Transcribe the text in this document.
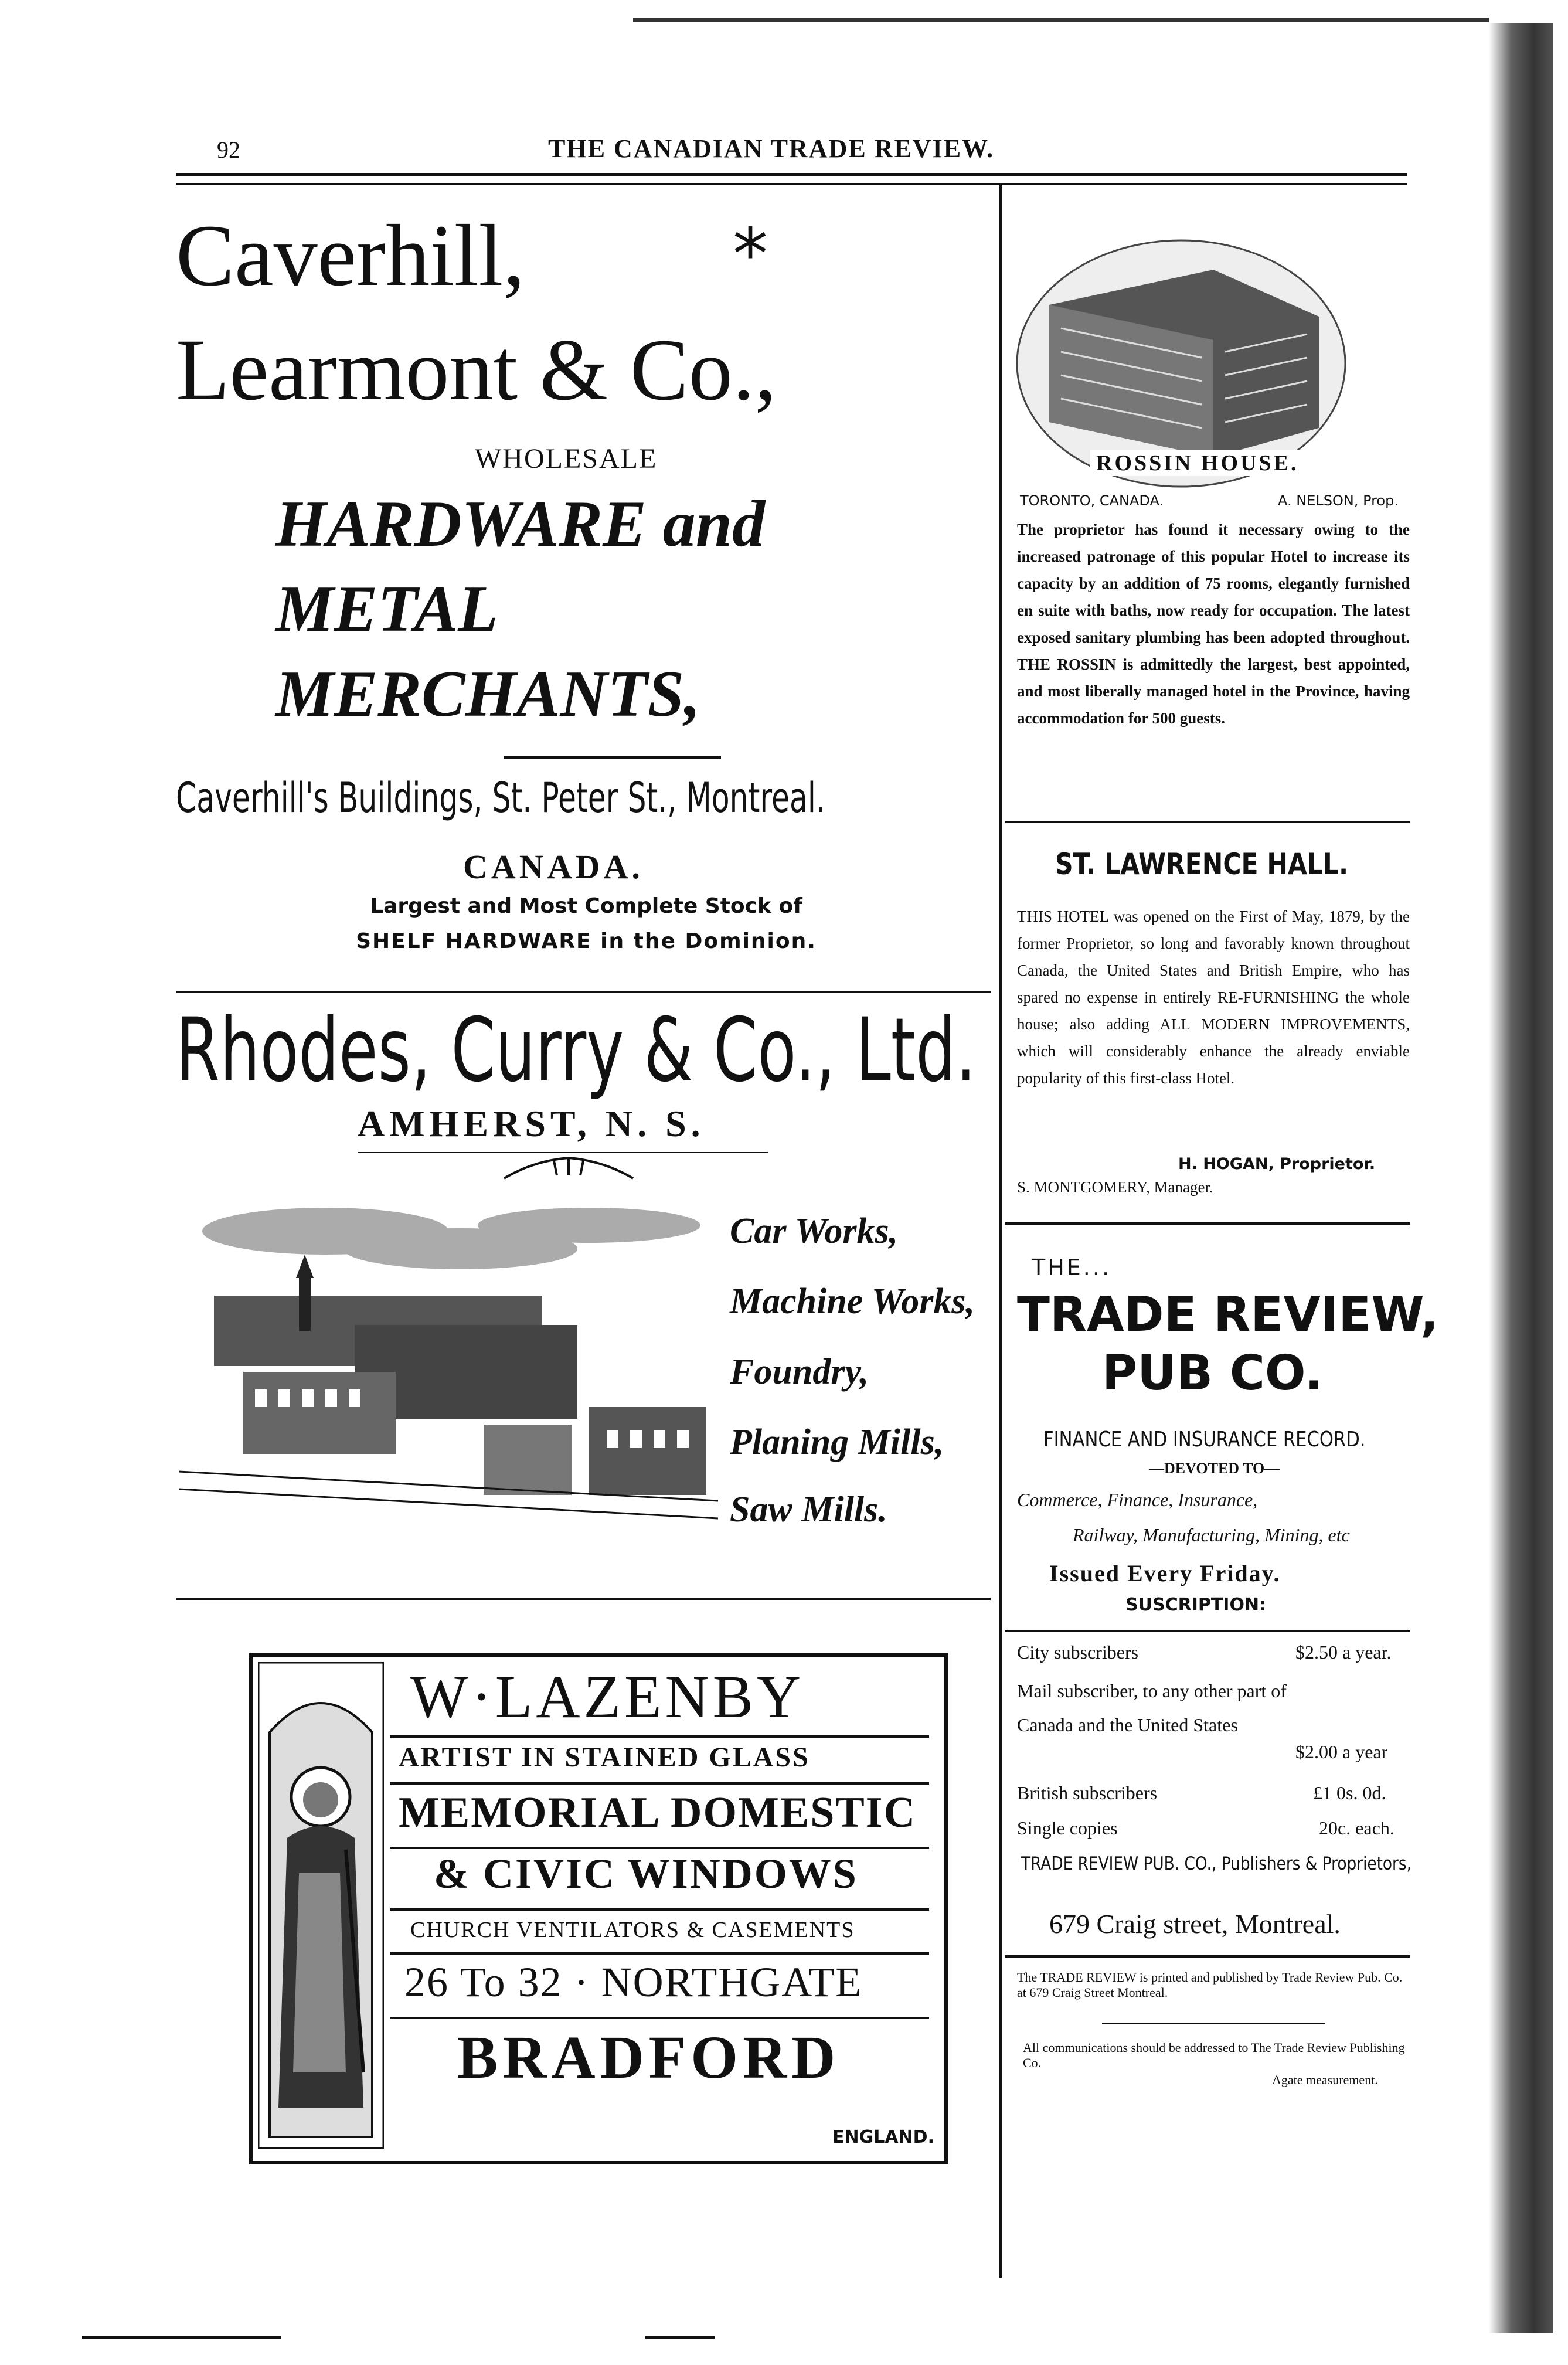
92	THE CANADIAN TRADE REVIEW.
Caverhill,	*
Learmont & Co.,
WHOLESALE
HARDWARE and
METAL
MERCHANTS,
Caverhill's Buildings, St. Peter St., Montreal.
CANADA.
Largest and Most Complete Stock of
SHELF HARDWARE in the Dominion.
Rhodes, Curry & Co., Ltd.
AMHERST, N. S.
Car Works,
Machine Works,
Foundry,
Planing Mills,
Saw Mills.
W·LAZENBY
ARTIST IN STAINED GLASS
MEMORIAL DOMESTIC
& CIVIC WINDOWS
CHURCH VENTILATORS & CASEMENTS
26 To 32 · NORTHGATE
BRADFORD
ENGLAND.
ROSSIN HOUSE.
TORONTO, CANADA.	A. NELSON, Prop.
The proprietor has found it necessary owing to the increased patronage of this popular Hotel to increase its capacity by an addition of 75 rooms, elegantly furnished en suite with baths, now ready for occupation. The latest exposed sanitary plumbing has been adopted throughout. THE ROSSIN is admittedly the largest, best appointed, and most liberally managed hotel in the Province, having accommodation for 500 guests.
ST. LAWRENCE HALL.
THIS HOTEL was opened on the First of May, 1879, by the former Proprietor, so long and favorably known throughout Canada, the United States and British Empire, who has spared no expense in entirely RE-FURNISHING the whole house; also adding ALL MODERN IMPROVEMENTS, which will considerably enhance the already enviable popularity of this first-class Hotel.
H. HOGAN, Proprietor.
S. MONTGOMERY, Manager.
THE...
TRADE REVIEW,
PUB CO.
FINANCE AND INSURANCE RECORD.
—DEVOTED TO—
Commerce, Finance, Insurance,
Railway, Manufacturing, Mining, etc
Issued Every Friday.
SUSCRIPTION:
City subscribers	$2.50 a year.
Mail subscriber, to any other part of Canada and the United States
$2.00 a year
British subscribers	£1 0s. 0d.
Single copies	20c. each.
TRADE REVIEW PUB. CO., Publishers & Proprietors,
679 Craig street, Montreal.
The TRADE REVIEW is printed and published by Trade Review Pub. Co. at 679 Craig Street Montreal.
All communications should be addressed to The Trade Review Publishing Co.
Agate measurement.
